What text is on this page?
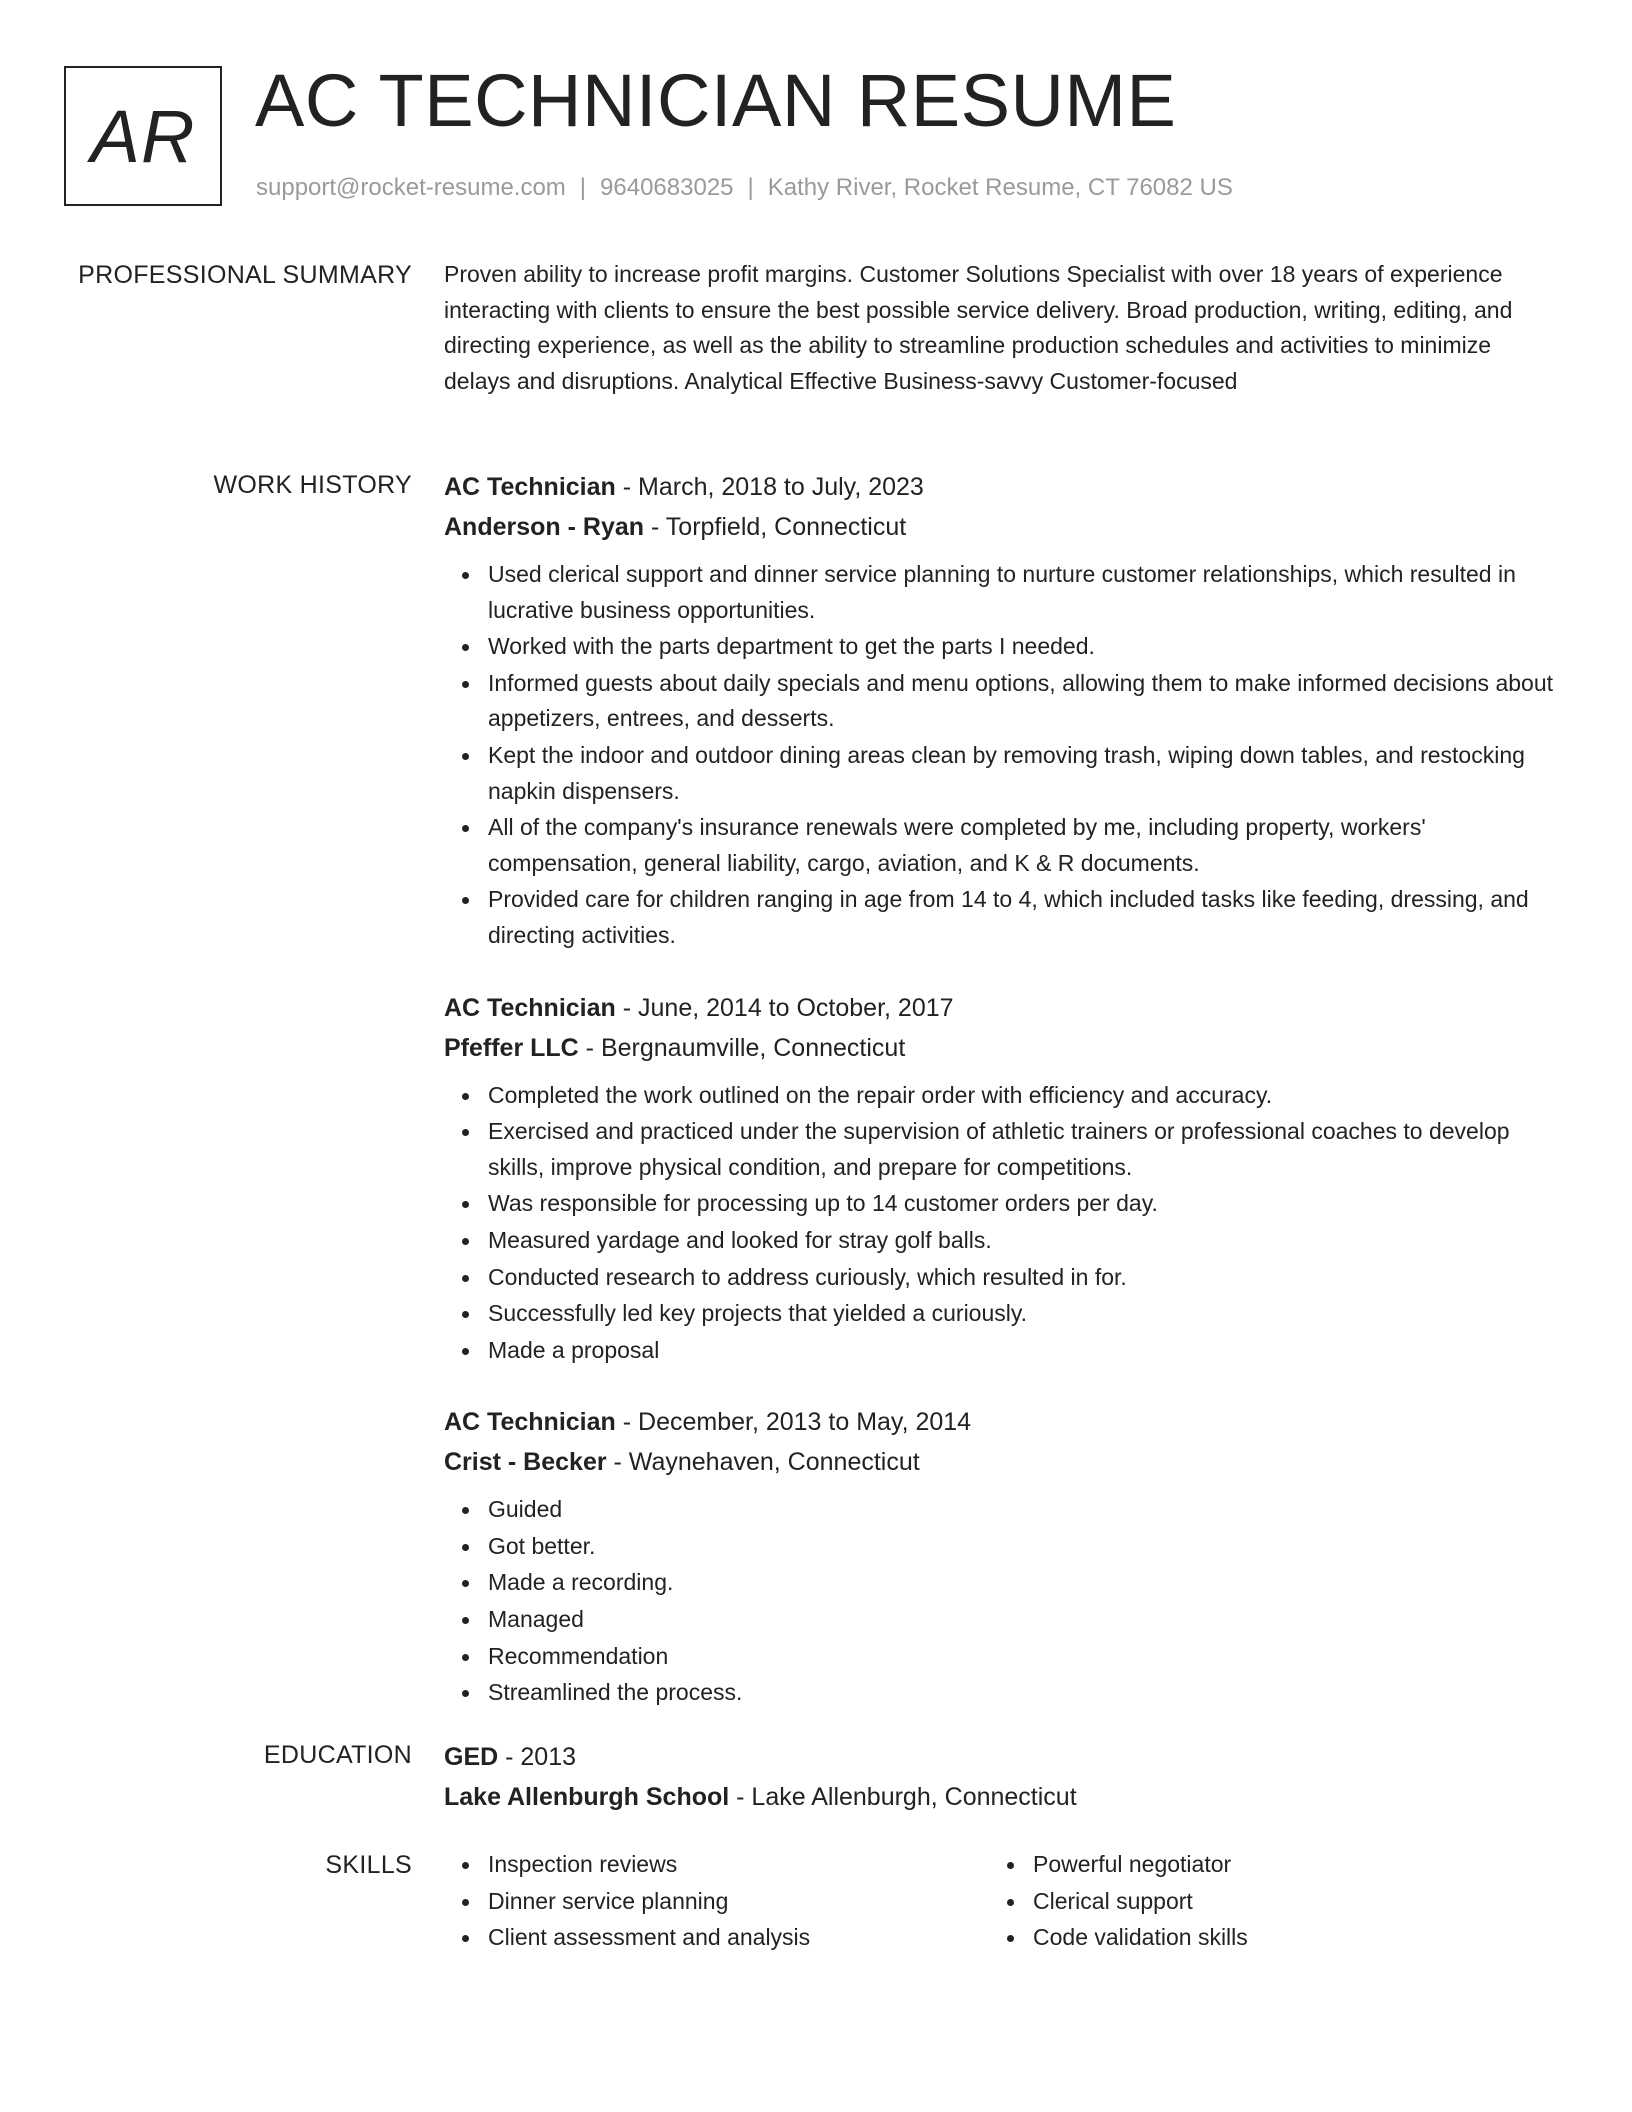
AR AC TECHNICIAN RESUME
support@rocket-resume.com | 9640683025 | Kathy River, Rocket Resume, CT 76082 US
PROFESSIONAL SUMMARY Proven ability to increase profit margins. Customer Solutions Specialist with over 18 years of experience interacting with clients to ensure the best possible service delivery. Broad production, writing, editing, and directing experience, as well as the ability to streamline production schedules and activities to minimize delays and disruptions. Analytical Effective Business-savvy Customer-focused
WORK HISTORY AC Technician - March, 2018 to July, 2023
Anderson - Ryan - Torpfield, Connecticut
Used clerical support and dinner service planning to nurture customer relationships, which resulted in lucrative business opportunities.
Worked with the parts department to get the parts I needed.
Informed guests about daily specials and menu options, allowing them to make informed decisions about appetizers, entrees, and desserts.
Kept the indoor and outdoor dining areas clean by removing trash, wiping down tables, and restocking napkin dispensers.
All of the company's insurance renewals were completed by me, including property, workers' compensation, general liability, cargo, aviation, and K & R documents.
Provided care for children ranging in age from 14 to 4, which included tasks like feeding, dressing, and directing activities.
AC Technician - June, 2014 to October, 2017
Pfeffer LLC - Bergnaumville, Connecticut
Completed the work outlined on the repair order with efficiency and accuracy.
Exercised and practiced under the supervision of athletic trainers or professional coaches to develop skills, improve physical condition, and prepare for competitions.
Was responsible for processing up to 14 customer orders per day.
Measured yardage and looked for stray golf balls.
Conducted research to address curiously, which resulted in for.
Successfully led key projects that yielded a curiously.
Made a proposal
AC Technician - December, 2013 to May, 2014
Crist - Becker - Waynehaven, Connecticut
Guided
Got better.
Made a recording.
Managed
Recommendation
Streamlined the process.
EDUCATION GED - 2013
Lake Allenburgh School - Lake Allenburgh, Connecticut
SKILLS	Inspection reviews
Dinner service planning
Client assessment and analysis
Powerful negotiator
Clerical support
Code validation skills
